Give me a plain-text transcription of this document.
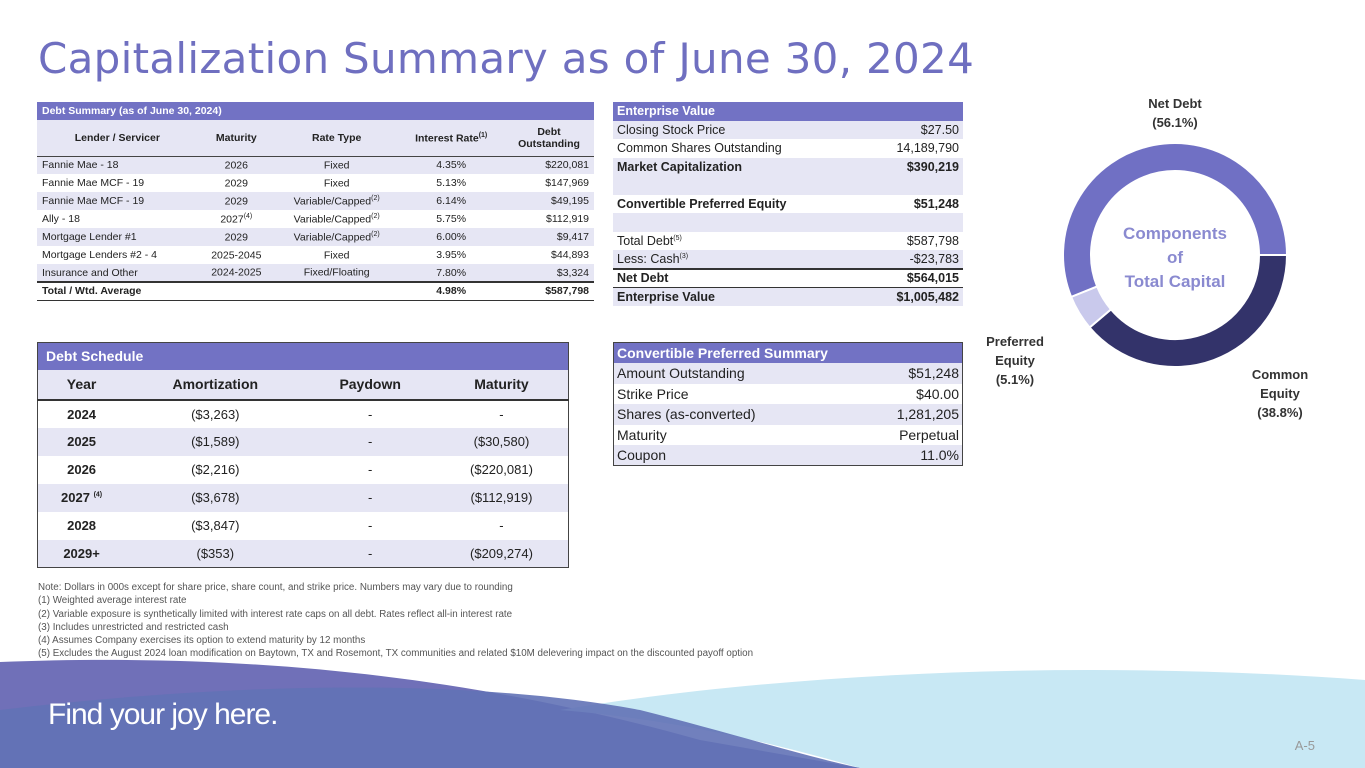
Capitalization Summary as of June 30, 2024
Debt Summary (as of June 30, 2024)				
Lender / Servicer	Maturity	Rate Type	Interest Rate$^{(1)}$	Debt Outstanding
Fannie Mae - 18	2026	Fixed	4.35%	$220,081
Fannie Mae MCF - 19	2029	Fixed	5.13%	$147,969
Fannie Mae MCF - 19	2029	Variable/Capped$^{(2)}$	6.14%	$49,195
Ally - 18	2027$^{(4)}$	Variable/Capped$^{(2)}$	5.75%	$112,919
Mortgage Lender #1	2029	Variable/Capped$^{(2)}$	6.00%	$9,417
Mortgage Lenders #2 - 4	2025-2045	Fixed	3.95%	$44,893
Insurance and Other	2024-2025	Fixed/Floating	7.80%	$3,324
Total / Wtd. Average			4.98%	$587,798
Enterprise Value	
Closing Stock Price	$27.50
Common Shares Outstanding	14,189,790
Market Capitalization	$390,219

Convertible Preferred Equity	$51,248

Total Debt$^{(5)}$	$587,798
Less: Cash$^{(3)}$	-$23,783
Net Debt	$564,015
Enterprise Value	$1,005,482
Debt Schedule			
Year	Amortization	Paydown	Maturity
2024	($3,263)	-	-
2025	($1,589)	-	($30,580)
2026	($2,216)	-	($220,081)
2027 $^{(4)}$	($3,678)	-	($112,919)
2028	($3,847)	-	-
2029+	($353)	-	($209,274)
Convertible Preferred Summary	
Amount Outstanding	$51,248
Strike Price	$40.00
Shares (as-converted)	1,281,205
Maturity	Perpetual
Coupon	11.0%
Components
of
Total Capital
Net Debt
(56.1%)
Preferred
Equity
(5.1%)	Common
Equity
(38.8%)
Note: Dollars in 000s except for share price, share count, and strike price. Numbers may vary due to rounding
(1) Weighted average interest rate
(2) Variable exposure is synthetically limited with interest rate caps on all debt. Rates reflect all-in interest rate
(3) Includes unrestricted and restricted cash
(4) Assumes Company exercises its option to extend maturity by 12 months
(5) Excludes the August 2024 loan modification on Baytown, TX and Rosemont, TX communities and related $10M delevering impact on the discounted payoff option
Find your joy here.
A-5
